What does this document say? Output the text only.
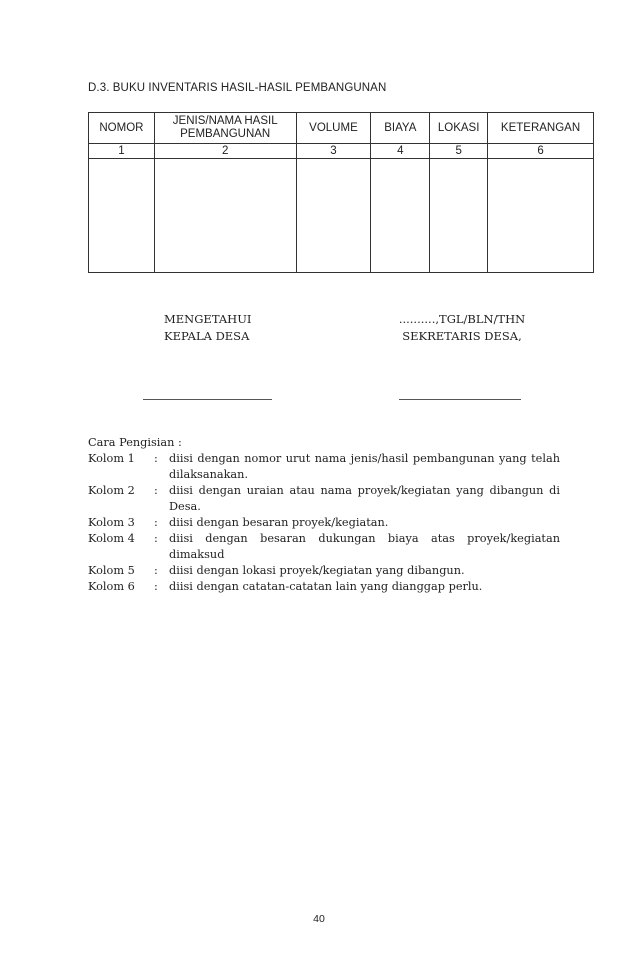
D.3. BUKU INVENTARIS HASIL-HASIL PEMBANGUNAN
NOMOR	JENIS/NAMA HASIL PEMBANGUNAN	VOLUME	BIAYA	LOKASI	KETERANGAN
1	2	3	4	5	6

MENGETAHUI
KEPALA DESA
..........,TGL/BLN/THN
SEKRETARIS DESA,
Cara Pengisian :
Kolom 1	: diisi dengan nomor urut nama jenis/hasil pembangunan yang telah dilaksanakan.
Kolom 2	: diisi dengan uraian atau nama proyek/kegiatan yang dibangun di Desa.
Kolom 3	: diisi dengan besaran proyek/kegiatan.
Kolom 4	: diisi dengan besaran dukungan biaya atas proyek/kegiatan dimaksud
Kolom 5	: diisi dengan lokasi proyek/kegiatan yang dibangun.
Kolom 6	: diisi dengan catatan-catatan lain yang dianggap perlu.
40
